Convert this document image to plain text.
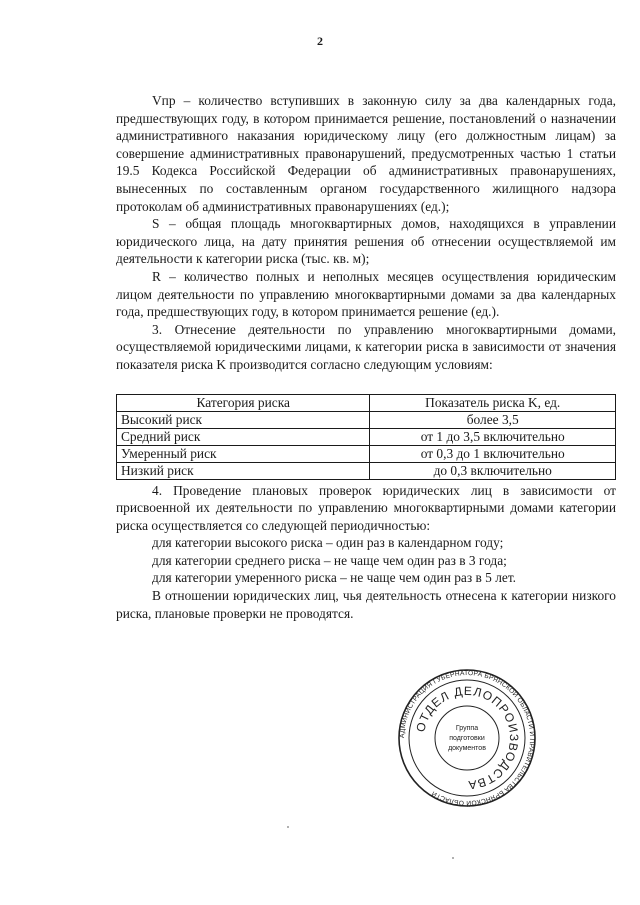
2

Vпр – количество вступивших в законную силу за два календарных года, предшествующих году, в котором принимается решение, постановлений о назначении административного наказания юридическому лицу (его должностным лицам) за совершение административных правонарушений, предусмотренных частью 1 статьи 19.5 Кодекса Российской Федерации об административных правонарушениях, вынесенных по составленным органом государственного жилищного надзора протоколам об административных правонарушениях (ед.);

S – общая площадь многоквартирных домов, находящихся в управлении юридического лица, на дату принятия решения об отнесении осуществляемой им деятельности к категории риска (тыс. кв. м);

R – количество полных и неполных месяцев осуществления юридическим лицом деятельности по управлению многоквартирными домами за два календарных года, предшествующих году, в котором принимается решение (ед.).

3. Отнесение деятельности по управлению многоквартирными домами, осуществляемой юридическими лицами, к категории риска в зависимости от значения показателя риска K производится согласно следующим условиям:

Категория риска	Показатель риска K, ед.
Высокий риск	более 3,5
Средний риск	от 1 до 3,5 включительно
Умеренный риск	от 0,3 до 1 включительно
Низкий риск	до 0,3 включительно

4. Проведение плановых проверок юридических лиц в зависимости от присвоенной их деятельности по управлению многоквартирными домами категории риска осуществляется со следующей периодичностью:

для категории высокого риска – один раз в календарном году;

для категории среднего риска – не чаще чем один раз в 3 года;

для категории умеренного риска – не чаще чем один раз в 5 лет.

В отношении юридических лиц, чья деятельность отнесена к категории низкого риска, плановые проверки не проводятся.

АДМИНИСТРАЦИЯ ГУБЕРНАТОРА БРЯНСКОЙ ОБЛАСТИ И ПРАВИТЕЛЬСТВА БРЯНСКОЙ ОБЛАСТИ
ОТДЕЛ ДЕЛОПРОИЗВОДСТВА
Группа
подготовки
документов
